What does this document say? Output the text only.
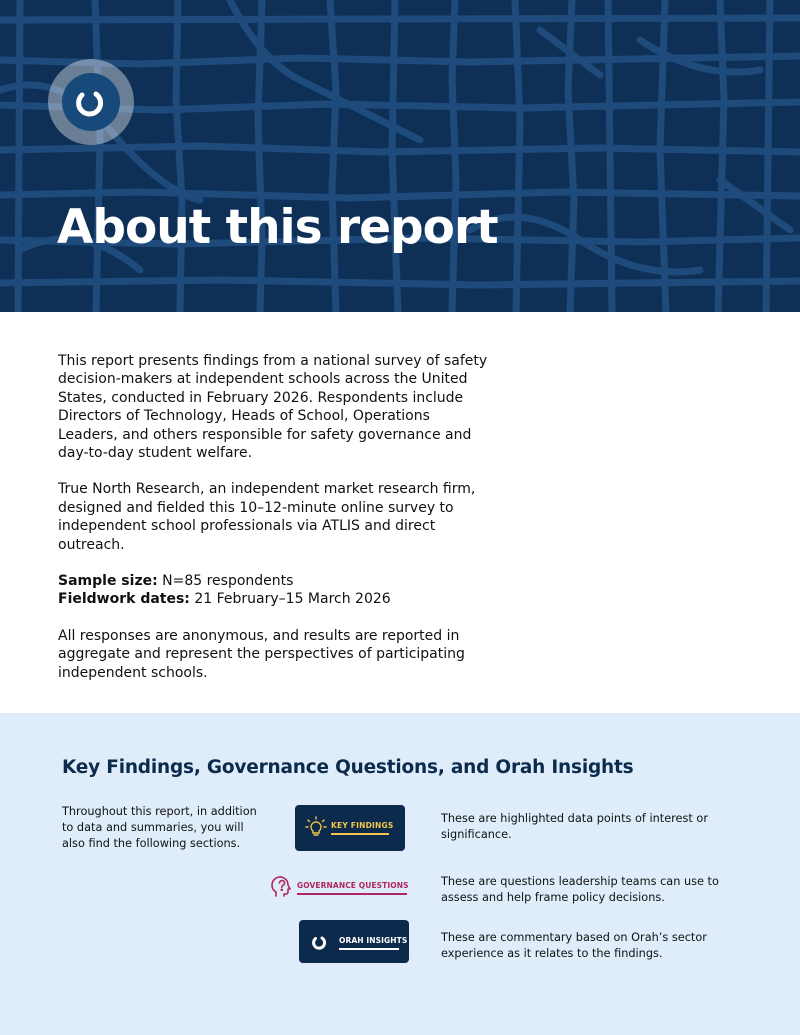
About this report

This report presents findings from a national survey of safety decision-makers at independent schools across the United States, conducted in February 2026. Respondents include Directors of Technology, Heads of School, Operations Leaders, and others responsible for safety governance and day-to-day student welfare.

True North Research, an independent market research firm, designed and fielded this 10–12-minute online survey to independent school professionals via ATLIS and direct outreach.

Sample size: N=85 respondents
Fieldwork dates: 21 February–15 March 2026

All responses are anonymous, and results are reported in aggregate and represent the perspectives of participating independent schools.

Key Findings, Governance Questions, and Orah Insights
Throughout this report, in addition to data and summaries, you will also find the following sections.
KEY FINDINGS
These are highlighted data points of interest or significance.
GOVERNANCE QUESTIONS	These are questions leadership teams can use to assess and help frame policy decisions.
ORAH INSIGHTS	These are commentary based on Orah’s sector experience as it relates to the findings.
